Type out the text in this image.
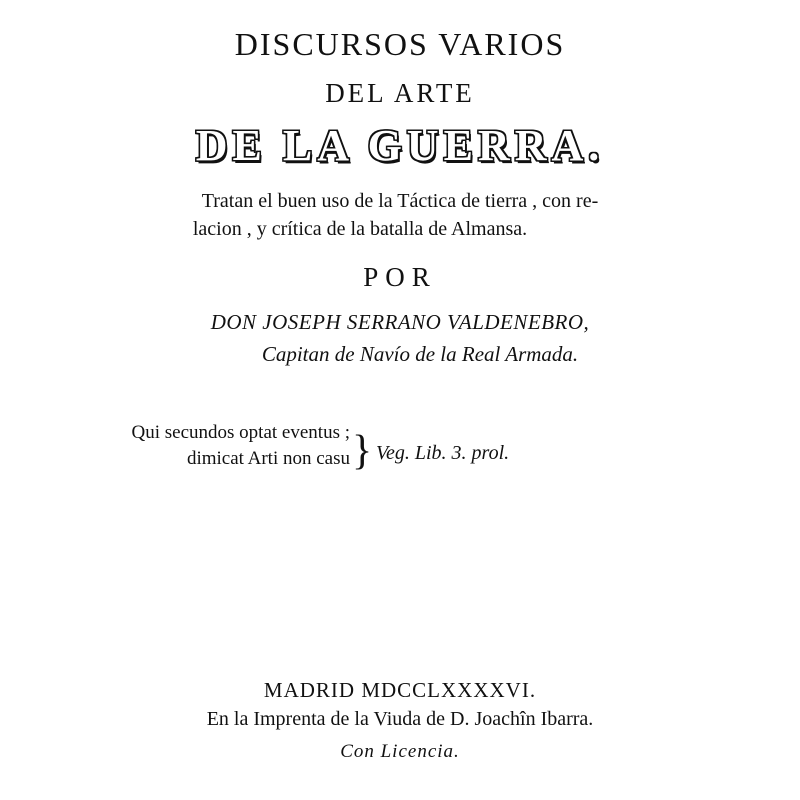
DISCURSOS VARIOS
DEL ARTE
DE LA GUERRA.
Tratan el buen uso de la Táctica de tierra , con re-
lacion , y crítica de la batalla de Almansa.
POR
DON JOSEPH SERRANO VALDENEBRO,
Capitan de Navío de la Real Armada.
Qui secundos optat eventus ;
dimicat Arti non casu } Veg. Lib. 3. prol.
MADRID MDCCLXXXXVI.
En la Imprenta de la Viuda de D. Joachîn Ibarra.
Con Licencia.
